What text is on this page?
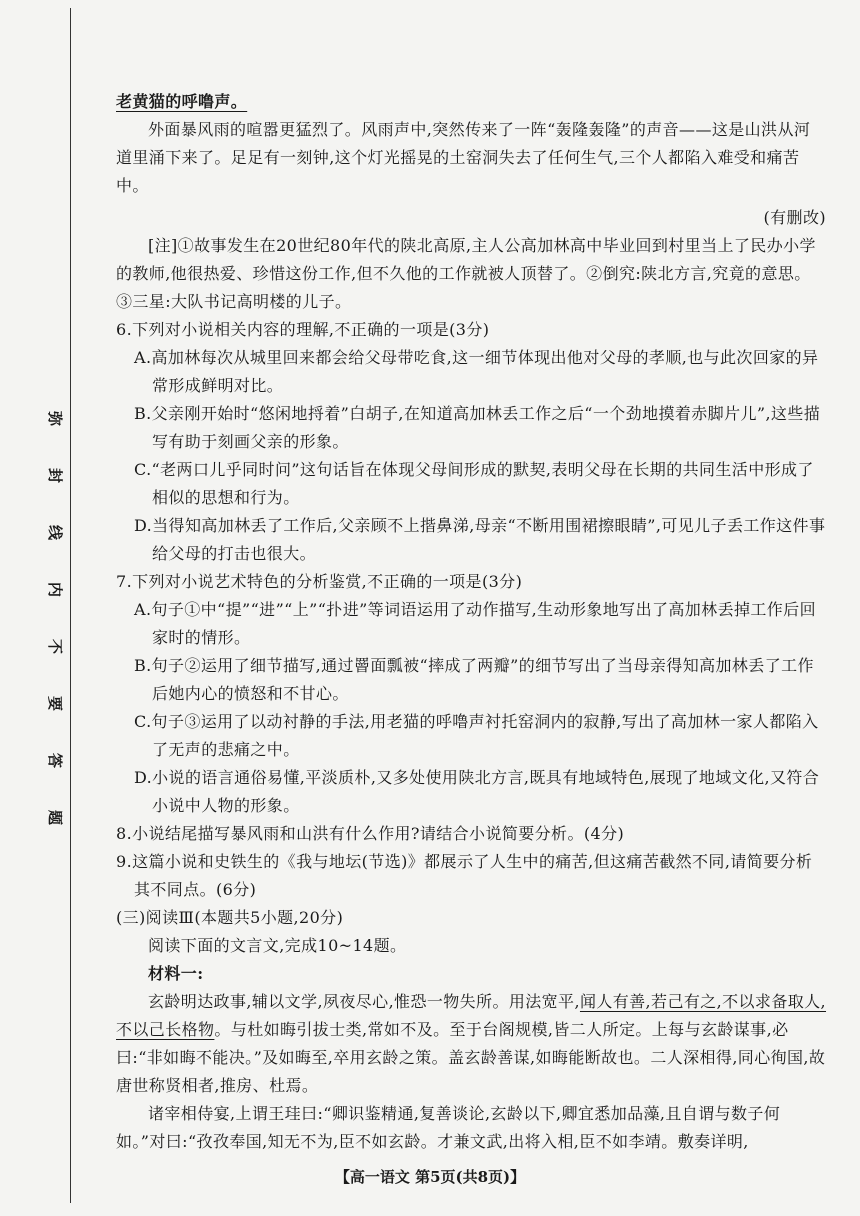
弥
封
线
内
不
要
答
题

老黄猫的呼噜声。

外面暴风雨的喧嚣更猛烈了。风雨声中,突然传来了一阵“轰隆轰隆”的声音——这是山洪从河道里涌下来了。足足有一刻钟,这个灯光摇晃的土窑洞失去了任何生气,三个人都陷入难受和痛苦中。

(有删改)

[注]①故事发生在20世纪80年代的陕北高原,主人公高加林高中毕业回到村里当上了民办小学的教师,他很热爱、珍惜这份工作,但不久他的工作就被人顶替了。②倒究:陕北方言,究竟的意思。③三星:大队书记高明楼的儿子。

6.下列对小说相关内容的理解,不正确的一项是(3分)

A.高加林每次从城里回来都会给父母带吃食,这一细节体现出他对父母的孝顺,也与此次回家的异常形成鲜明对比。

B.父亲刚开始时“悠闲地捋着”白胡子,在知道高加林丢工作之后“一个劲地摸着赤脚片儿”,这些描写有助于刻画父亲的形象。

C.“老两口儿乎同时问”这句话旨在体现父母间形成的默契,表明父母在长期的共同生活中形成了相似的思想和行为。

D.当得知高加林丢了工作后,父亲顾不上揩鼻涕,母亲“不断用围裙擦眼睛”,可见儿子丢工作这件事给父母的打击也很大。

7.下列对小说艺术特色的分析鉴赏,不正确的一项是(3分)

A.句子①中“提”“进”“上”“扑进”等词语运用了动作描写,生动形象地写出了高加林丢掉工作后回家时的情形。

B.句子②运用了细节描写,通过罾面瓢被“摔成了两瓣”的细节写出了当母亲得知高加林丢了工作后她内心的愤怒和不甘心。

C.句子③运用了以动衬静的手法,用老猫的呼噜声衬托窑洞内的寂静,写出了高加林一家人都陷入了无声的悲痛之中。

D.小说的语言通俗易懂,平淡质朴,又多处使用陕北方言,既具有地域特色,展现了地域文化,又符合小说中人物的形象。

8.小说结尾描写暴风雨和山洪有什么作用?请结合小说简要分析。(4分)

9.这篇小说和史铁生的《我与地坛(节选)》都展示了人生中的痛苦,但这痛苦截然不同,请简要分析其不同点。(6分)

(三)阅读Ⅲ(本题共5小题,20分)

阅读下面的文言文,完成10~14题。

材料一:

玄龄明达政事,辅以文学,夙夜尽心,惟恐一物失所。用法宽平,闻人有善,若己有之,不以求备取人,不以己长格物。与杜如晦引拔士类,常如不及。至于台阁规模,皆二人所定。上每与玄龄谋事,必曰:“非如晦不能决。”及如晦至,卒用玄龄之策。盖玄龄善谋,如晦能断故也。二人深相得,同心徇国,故唐世称贤相者,推房、杜焉。

诸宰相侍宴,上谓王珪曰:“卿识鉴精通,复善谈论,玄龄以下,卿宜悉加品藻,且自谓与数子何如。”对曰:“孜孜奉国,知无不为,臣不如玄龄。才兼文武,出将入相,臣不如李靖。敷奏详明,

【高一语文 第5页(共8页)】
